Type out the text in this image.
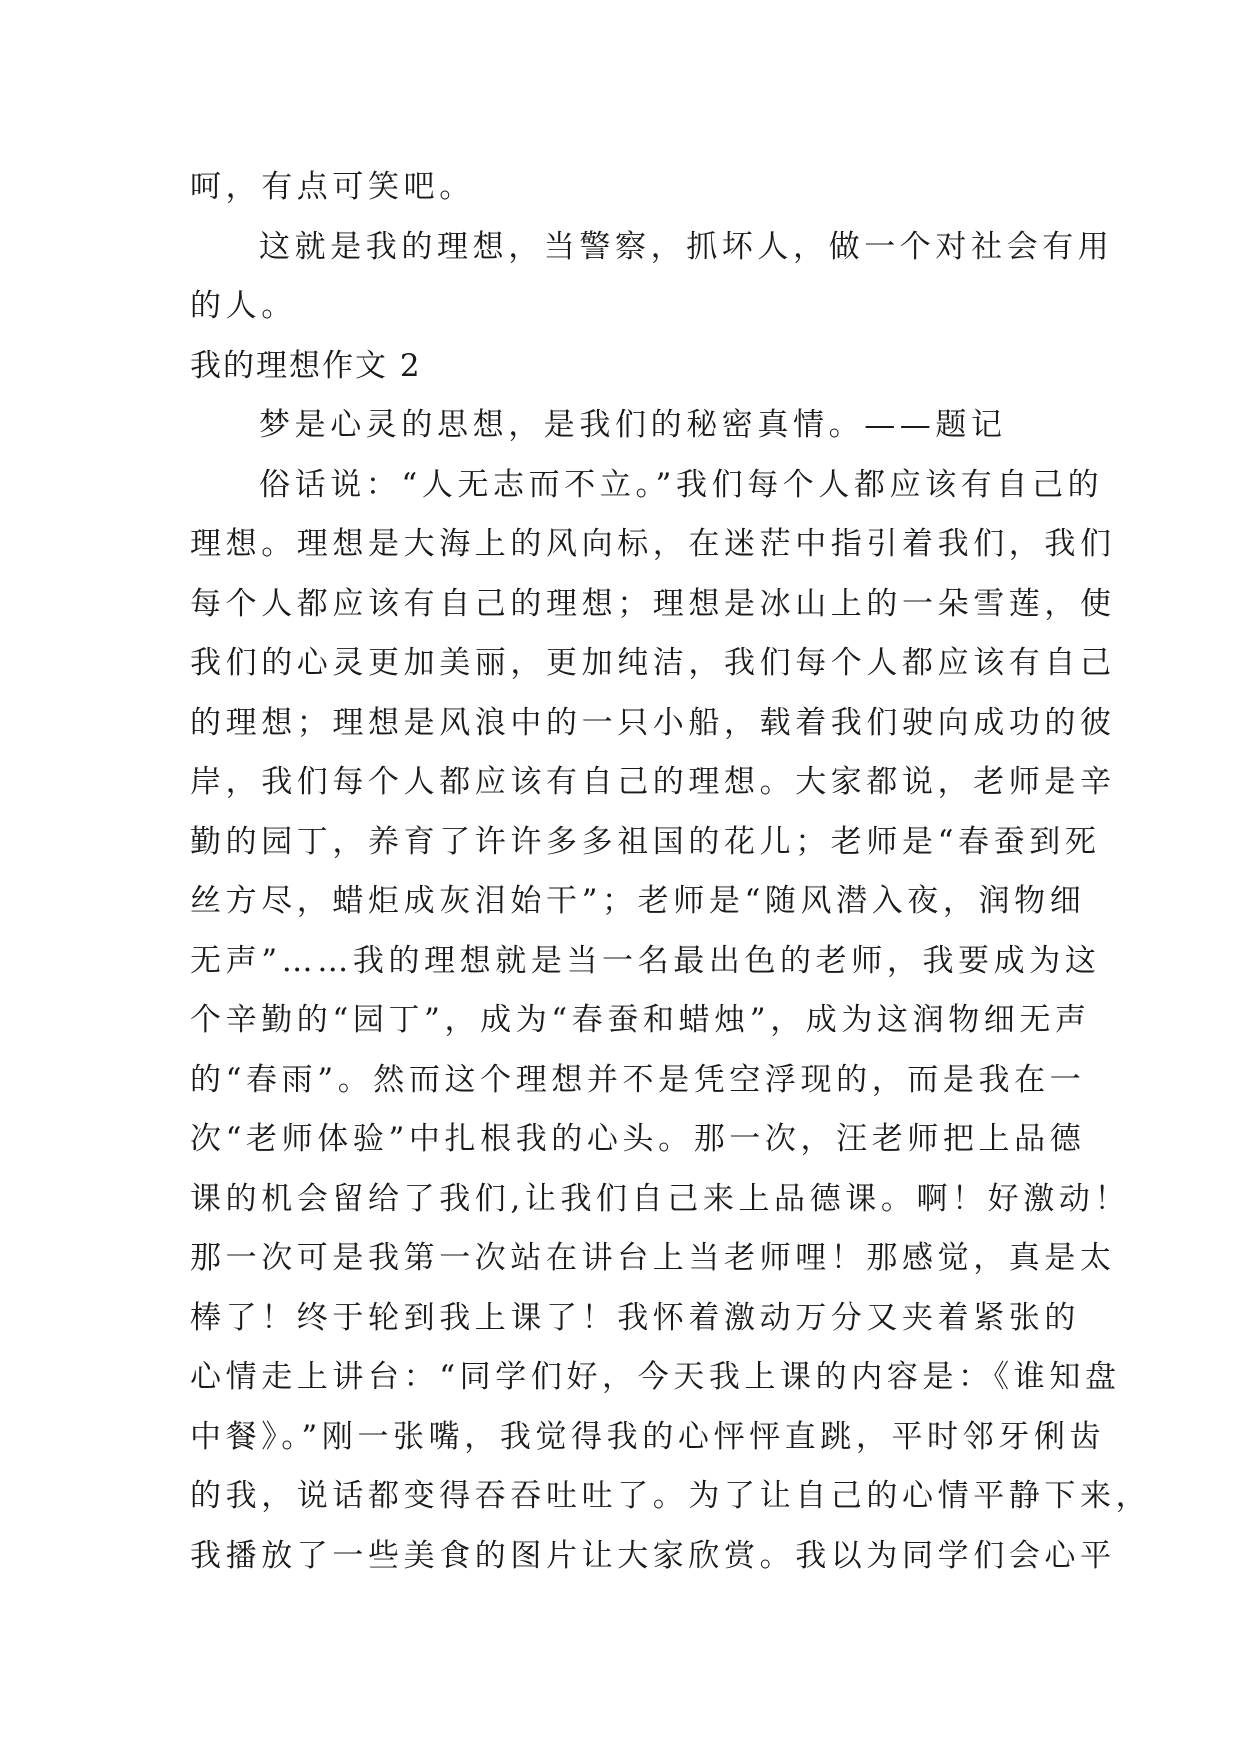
呵，有点可笑吧。
这就是我的理想，当警察，抓坏人，做一个对社会有用
的人。
我的理想作文 2
梦是心灵的思想，是我们的秘密真情。——题记
俗话说：“人无志而不立。”我们每个人都应该有自己的
理想。理想是大海上的风向标，在迷茫中指引着我们，我们
每个人都应该有自己的理想；理想是冰山上的一朵雪莲，使
我们的心灵更加美丽，更加纯洁，我们每个人都应该有自己
的理想；理想是风浪中的一只小船，载着我们驶向成功的彼
岸，我们每个人都应该有自己的理想。大家都说，老师是辛
勤的园丁，养育了许许多多祖国的花儿；老师是“春蚕到死
丝方尽，蜡炬成灰泪始干”；老师是“随风潜入夜，润物细
无声”……我的理想就是当一名最出色的老师，我要成为这
个辛勤的“园丁”，成为“春蚕和蜡烛”，成为这润物细无声
的“春雨”。然而这个理想并不是凭空浮现的，而是我在一
次“老师体验”中扎根我的心头。那一次，汪老师把上品德
课的机会留给了我们,让我们自己来上品德课。啊！好激动！
那一次可是我第一次站在讲台上当老师哩！那感觉，真是太
棒了！终于轮到我上课了！我怀着激动万分又夹着紧张的
心情走上讲台：“同学们好，今天我上课的内容是：《谁知盘
中餐》。”刚一张嘴，我觉得我的心怦怦直跳，平时邻牙俐齿
的我，说话都变得吞吞吐吐了。为了让自己的心情平静下来，
我播放了一些美食的图片让大家欣赏。我以为同学们会心平
